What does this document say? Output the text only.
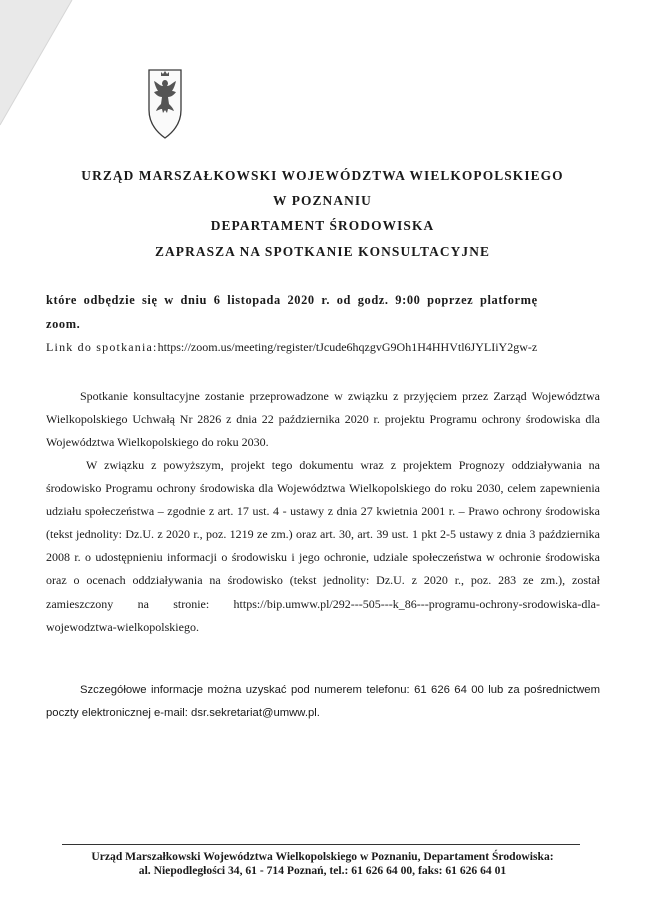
URZĄD MARSZAŁKOWSKI WOJEWÓDZTWA WIELKOPOLSKIEGO
W POZNANIU
DEPARTAMENT ŚRODOWISKA
ZAPRASZA NA SPOTKANIE KONSULTACYJNE
które odbędzie się w dniu 6 listopada 2020 r. od godz. 9:00 poprzez platformę
zoom.
Link do spotkania:https://zoom.us/meeting/register/tJcude6hqzgvG9Oh1H4HHVtl6JYLIiY2gw-z
Spotkanie konsultacyjne zostanie przeprowadzone w związku z przyjęciem przez Zarząd Województwa Wielkopolskiego Uchwałą Nr 2826 z dnia 22 października 2020 r. projektu Programu ochrony środowiska dla Województwa Wielkopolskiego do roku 2030.
W związku z powyższym, projekt tego dokumentu wraz z projektem Prognozy oddziaływania na środowisko Programu ochrony środowiska dla Województwa Wielkopolskiego do roku 2030, celem zapewnienia udziału społeczeństwa – zgodnie z art. 17 ust. 4 - ustawy z dnia 27 kwietnia 2001 r. – Prawo ochrony środowiska (tekst jednolity: Dz.U. z 2020 r., poz. 1219 ze zm.) oraz art. 30, art. 39 ust. 1 pkt 2-5 ustawy z dnia 3 października 2008 r. o udostępnieniu informacji o środowisku i jego ochronie, udziale społeczeństwa w ochronie środowiska oraz o ocenach oddziaływania na środowisko (tekst jednolity: Dz.U. z 2020 r., poz. 283 ze zm.), został zamieszczony na stronie: https://bip.umww.pl/292---505---k_86---programu-ochrony-srodowiska-dla-wojewodztwa-wielkopolskiego.
Szczegółowe informacje można uzyskać pod numerem telefonu: 61 626 64 00 lub za pośrednictwem poczty elektronicznej e-mail: dsr.sekretariat@umww.pl.
Urząd Marszałkowski Województwa Wielkopolskiego w Poznaniu, Departament Środowiska:
al. Niepodległości 34, 61 - 714 Poznań, tel.: 61 626 64 00, faks: 61 626 64 01
